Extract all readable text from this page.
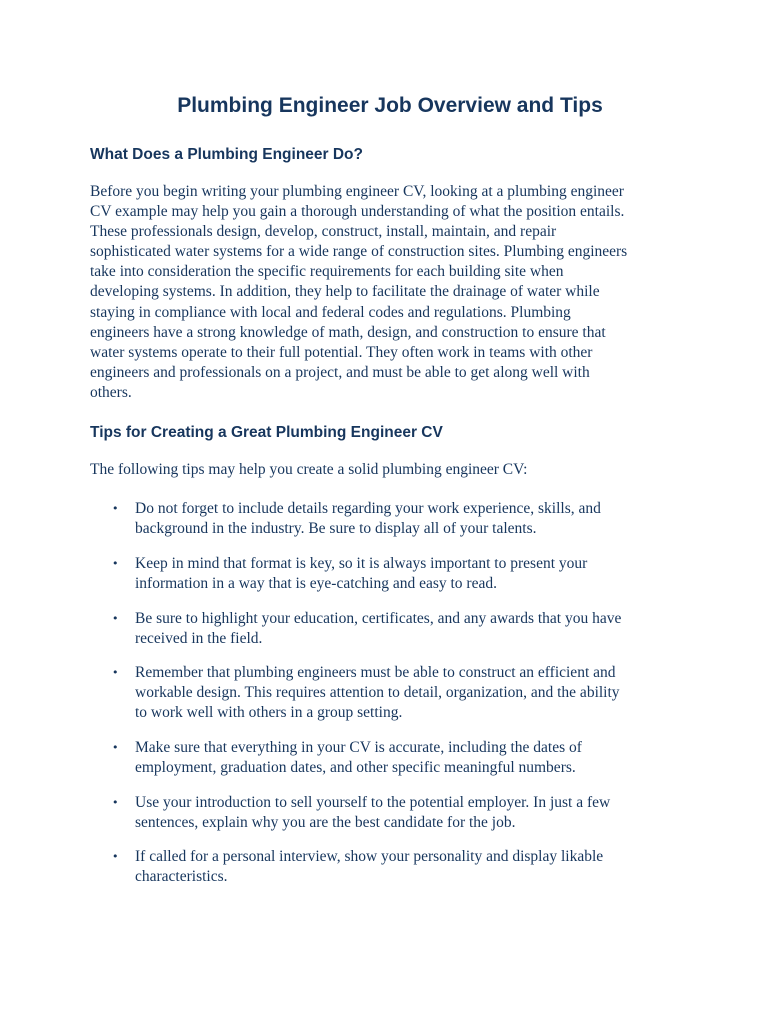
Plumbing Engineer Job Overview and Tips
What Does a Plumbing Engineer Do?

Before you begin writing your plumbing engineer CV, looking at a plumbing engineer
CV example may help you gain a thorough understanding of what the position entails.
These professionals design, develop, construct, install, maintain, and repair
sophisticated water systems for a wide range of construction sites. Plumbing engineers
take into consideration the specific requirements for each building site when
developing systems. In addition, they help to facilitate the drainage of water while
staying in compliance with local and federal codes and regulations. Plumbing
engineers have a strong knowledge of math, design, and construction to ensure that
water systems operate to their full potential. They often work in teams with other
engineers and professionals on a project, and must be able to get along well with
others.

Tips for Creating a Great Plumbing Engineer CV

The following tips may help you create a solid plumbing engineer CV:

• Do not forget to include details regarding your work experience, skills, and
background in the industry. Be sure to display all of your talents.
• Keep in mind that format is key, so it is always important to present your
information in a way that is eye-catching and easy to read.
• Be sure to highlight your education, certificates, and any awards that you have
received in the field.
• Remember that plumbing engineers must be able to construct an efficient and
workable design. This requires attention to detail, organization, and the ability
to work well with others in a group setting.
• Make sure that everything in your CV is accurate, including the dates of
employment, graduation dates, and other specific meaningful numbers.
• Use your introduction to sell yourself to the potential employer. In just a few
sentences, explain why you are the best candidate for the job.
• If called for a personal interview, show your personality and display likable
characteristics.
